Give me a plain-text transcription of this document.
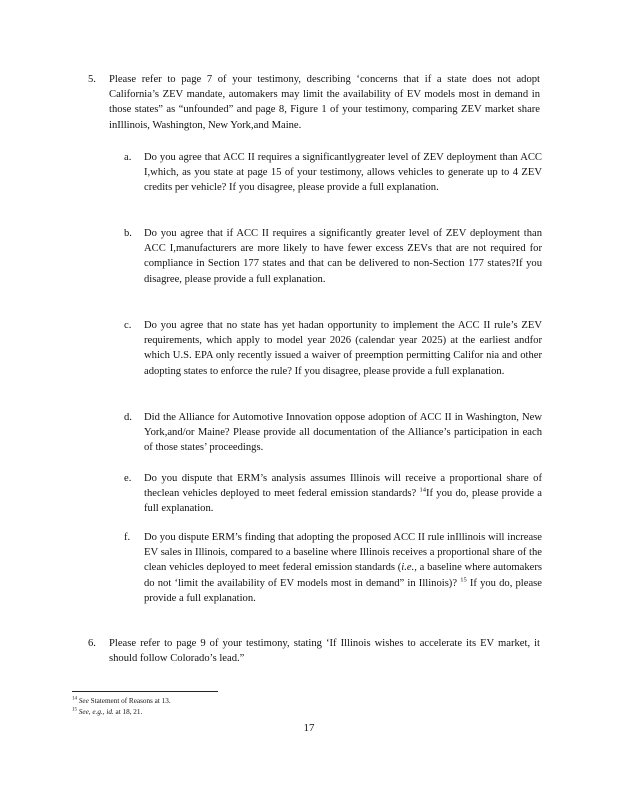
5. Please refer to page 7 of your testimony, describing ‘concerns that if a state does not adopt California’s ZEV mandate, automakers may limit the availability of EV models most in demand in those states” as “unfounded” and page 8, Figure 1 of your testimony, comparing ZEV market share inIllinois, Washington, New York,and Maine.
a. Do you agree that ACC II requires a significantlygreater level of ZEV deployment than ACC I,which, as you state at page 15 of your testimony, allows vehicles to generate up to 4 ZEV credits per vehicle? If you disagree, please provide a full explanation.
b. Do you agree that if ACC II requires a significantly greater level of ZEV deployment than ACC I,manufacturers are more likely to have fewer excess ZEVs that are not required for compliance in Section 177 states and that can be delivered to non-Section 177 states?If you disagree, please provide a full explanation.
c. Do you agree that no state has yet hadan opportunity to implement the ACC II rule’s ZEV requirements, which apply to model year 2026 (calendar year 2025) at the earliest andfor which U.S. EPA only recently issued a waiver of preemption permitting Califor nia and other adopting states to enforce the rule? If you disagree, please provide a full explanation.
d. Did the Alliance for Automotive Innovation oppose adoption of ACC II in Washington, New York,and/or Maine? Please provide all documentation of the Alliance’s participation in each of those states’ proceedings.
e. Do you dispute that ERM’s analysis assumes Illinois will receive a proportional share of theclean vehicles deployed to meet federal emission standards? $^{14}$If you do, please provide a full explanation.
f. Do you dispute ERM’s finding that adopting the proposed ACC II rule inIllinois will increase EV sales in Illinois, compared to a baseline where Illinois receives a proportional share of the clean vehicles deployed to meet federal emission standards (i.e., a baseline where automakers do not ‘limit the availability of EV models most in demand” in Illinois)? $^{15}$ If you do, please provide a full explanation.
6. Please refer to page 9 of your testimony, stating ‘If Illinois wishes to accelerate its EV market, it should follow Colorado’s lead.”
$^{14}$ See Statement of Reasons at 13.
$^{15}$ See, e.g., id. at 18, 21.
17
